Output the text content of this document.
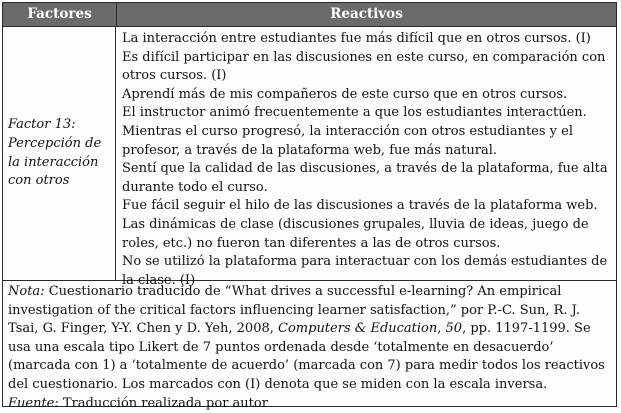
Factores	Reactivos
Factor 13:
Percepción de la interacción con otros
La interacción entre estudiantes fue más difícil que en otros cursos. (I)
Es difícil participar en las discusiones en este curso, en comparación con otros cursos. (I)
Aprendí más de mis compañeros de este curso que en otros cursos.
El instructor animó frecuentemente a que los estudiantes interactúen.
Mientras el curso progresó, la interacción con otros estudiantes y el profesor, a través de la plataforma web, fue más natural.
Sentí que la calidad de las discusiones, a través de la plataforma, fue alta durante todo el curso.
Fue fácil seguir el hilo de las discusiones a través de la plataforma web.
Las dinámicas de clase (discusiones grupales, lluvia de ideas, juego de roles, etc.) no fueron tan diferentes a las de otros cursos.
No se utilizó la plataforma para interactuar con los demás estudiantes de la clase. (I)
Nota: Cuestionario traducido de “What drives a successful e-learning? An empirical investigation of the critical factors influencing learner satisfaction,” por P.-C. Sun, R. J. Tsai, G. Finger, Y-Y. Chen y D. Yeh, 2008, Computers & Education, 50, pp. 1197-1199. Se usa una escala tipo Likert de 7 puntos ordenada desde ‘totalmente en desacuerdo’ (marcada con 1) a ‘totalmente de acuerdo’ (marcada con 7) para medir todos los reactivos del cuestionario. Los marcados con (I) denota que se miden con la escala inversa.
Fuente: Traducción realizada por autor
